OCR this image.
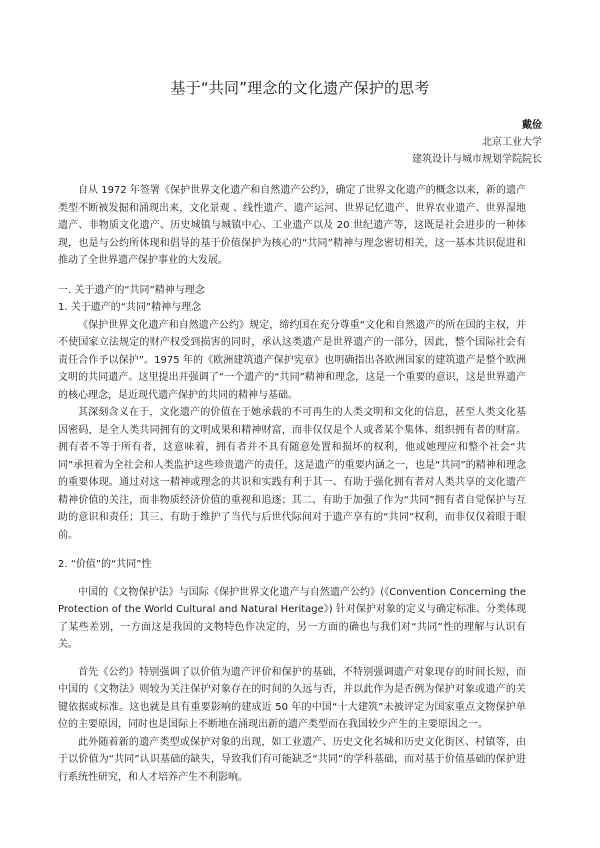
基于“共同”理念的文化遗产保护的思考
戴俭
北京工业大学
建筑设计与城市规划学院院长

自从 1972 年签署《保护世界文化遗产和自然遗产公约》，确定了世界文化遗产的概念以来，新的遗产类型不断被发掘和涌现出来，文化景观 、线性遗产、遗产运河、世界记忆遗产、世界农业遗产、世界湿地遗产、非物质文化遗产、历史城镇与城镇中心、工业遗产以及 20 世纪遗产等，这既是社会进步的一种体现，也是与公约所体现和倡导的基于价值保护为核心的“共同”精神与理念密切相关，这一基本共识促进和推动了全世界遗产保护事业的大发展。

一. 关于遗产的“共同”精神与理念

1. 关于遗产的“共同”精神与理念

《保护世界文化遗产和自然遗产公约》规定，缔约国在充分尊重“文化和自然遗产的所在国的主权，并不使国家立法规定的财产权受到损害的同时，承认这类遗产是世界遗产的一部分，因此，整个国际社会有责任合作予以保护”。1975 年的《欧洲建筑遗产保护宪章》也明确指出各欧洲国家的建筑遗产是整个欧洲文明的共同遗产。这里提出并强调了“一个遗产的“共同”精神和理念，这是一个重要的意识，这是世界遗产的核心理念，是近现代遗产保护的共同的精神与基础。

其深刻含义在于，文化遗产的价值在于她承载的不可再生的人类文明和文化的信息，甚至人类文化基因密码，是全人类共同拥有的文明成果和精神财富，而非仅仅是个人或者某个集体、组织拥有者的财富。拥有者不等于所有者，这意味着，拥有者并不具有随意处置和损坏的权利，他或她理应和整个社会“共同”承担着为全社会和人类监护这些珍贵遗产的责任，这是遗产的重要内涵之一，也是“共同”的精神和理念的重要体现。通过对这一精神或理念的共识和实践有利于其一、有助于强化拥有者对人类共享的文化遗产精神价值的关注，而非物质经济价值的重视和追逐；其二、有助于加强了作为“共同”拥有者自觉保护与互助的意识和责任；其三、有助于维护了当代与后世代际间对于遗产享有的“共同”权利，而非仅仅着眼于眼前。

2. “价值”的“共同”性

中国的《文物保护法》与国际《保护世界文化遗产与自然遗产公约》(《Convention Concerning the Protection of the World Cultural and Natural Heritage》) 针对保护对象的定义与确定标准、分类体现了某些差别，一方面这是我国的文物特色作决定的，另一方面的确也与我们对“共同”性的理解与认识有关。

首先《公约》特别强调了以价值为遗产评价和保护的基础，不特别强调遗产对象现存的时间长短，而中国的《文物法》则较为关注保护对象存在的时间的久远与否，并以此作为是否例为保护对象或遗产的关键依据或标准。这也就是具有重要影响的建成近 50 年的中国“十大建筑”未被评定为国家重点文物保护单位的主要原因，同时也是国际上不断地在涌现出新的遗产类型而在我国较少产生的主要原因之一。

此外随着新的遗产类型或保护对象的出现，如工业遗产、历史文化名城和历史文化街区、村镇等，由于以价值为“共同”认识基础的缺失，导致我们有可能缺乏“共同”的学科基础，而对基于价值基础的保护进行系统性研究，和人才培养产生不利影响。
